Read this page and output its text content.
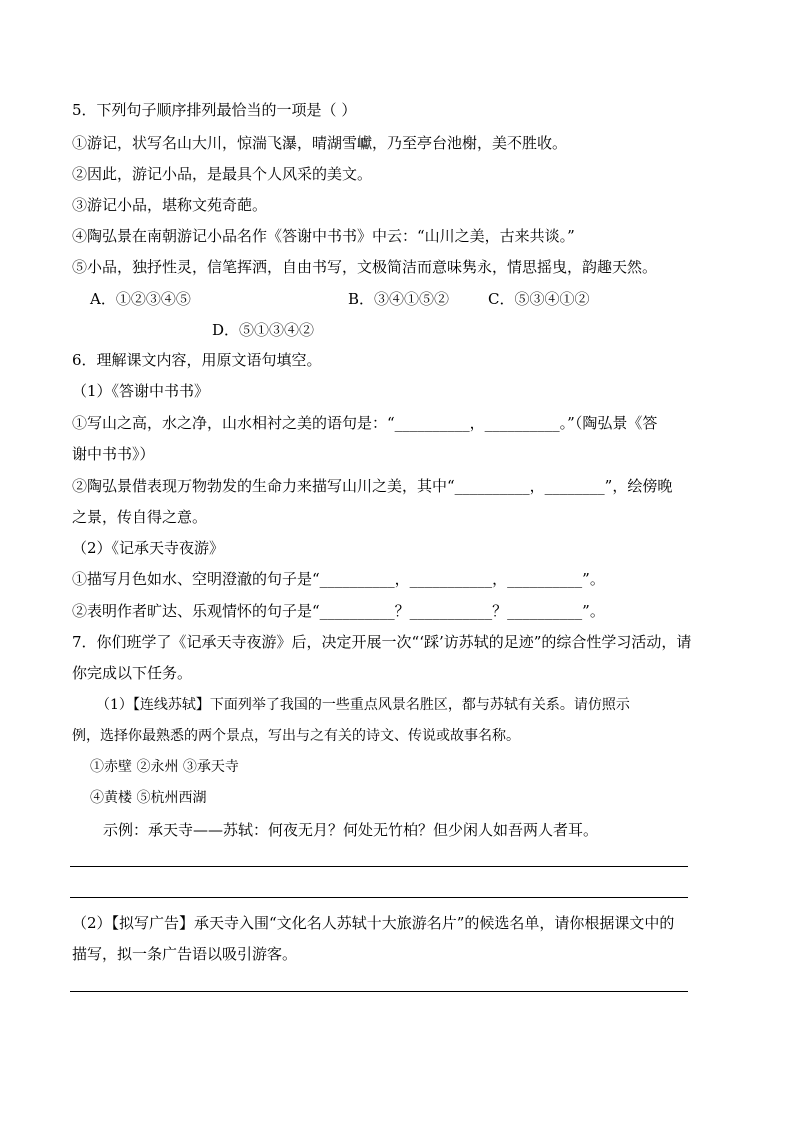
5．下列句子顺序排列最恰当的一项是（ ）
①游记，状写名山大川，惊湍飞瀑，晴湖雪巘，乃至亭台池榭，美不胜收。
②因此，游记小品，是最具个人风采的美文。
③游记小品，堪称文苑奇葩。
④陶弘景在南朝游记小品名作《答谢中书书》中云：“山川之美，古来共谈。”
⑤小品，独抒性灵，信笔挥洒，自由书写，文极简洁而意味隽永，情思摇曳，韵趣天然。
A．①②③④⑤	B．③④①⑤②	C．⑤③④①②
D．⑤①③④②
6．理解课文内容，用原文语句填空。
（1）《答谢中书书》
①写山之高，水之净，山水相衬之美的语句是：“__________，__________。”（陶弘景《答
谢中书书》）
②陶弘景借表现万物勃发的生命力来描写山川之美，其中“__________，________”，绘傍晚
之景，传自得之意。
（2）《记承天寺夜游》
①描写月色如水、空明澄澈的句子是“__________，___________，__________”。
②表明作者旷达、乐观情怀的句子是“__________？___________？__________”。
7．你们班学了《记承天寺夜游》后，决定开展一次“‘踩’访苏轼的足迹”的综合性学习活动，请
你完成以下任务。
（1）【连线苏轼】下面列举了我国的一些重点风景名胜区，都与苏轼有关系。请仿照示
例，选择你最熟悉的两个景点，写出与之有关的诗文、传说或故事名称。
①赤壁 ②永州 ③承天寺
④黄楼 ⑤杭州西湖
示例：承天寺——苏轼：何夜无月？何处无竹柏？但少闲人如吾两人者耳。
（2）【拟写广告】承天寺入围“文化名人苏轼十大旅游名片”的候选名单，请你根据课文中的
描写，拟一条广告语以吸引游客。
